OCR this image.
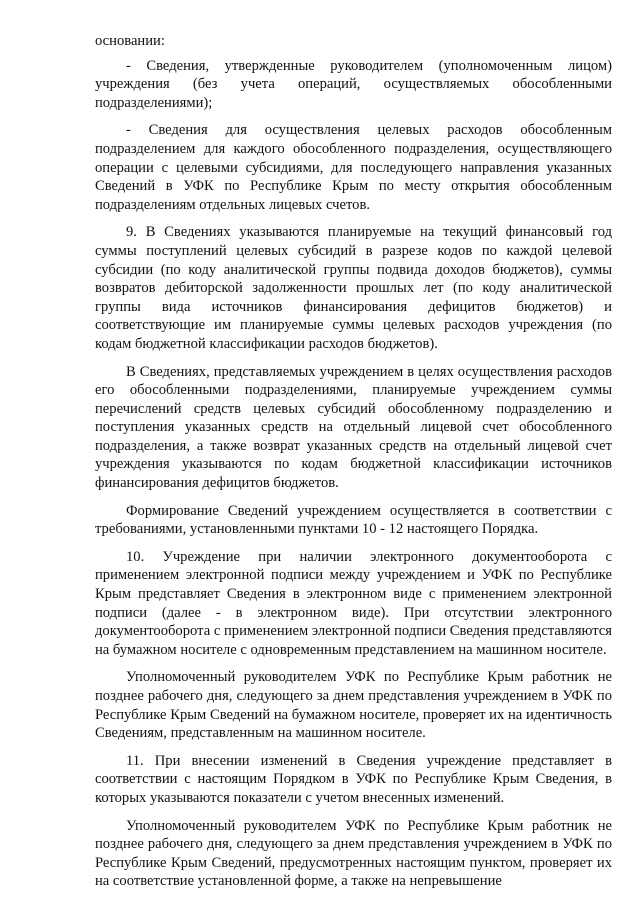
основании:

- Сведения, утвержденные руководителем (уполномоченным лицом) учреждения (без учета операций, осуществляемых обособленными подразделениями);

- Сведения для осуществления целевых расходов обособленным подразделением для каждого обособленного подразделения, осуществляющего операции с целевыми субсидиями, для последующего направления указанных Сведений в УФК по Республике Крым по месту открытия обособленным подразделениям отдельных лицевых счетов.

9. В Сведениях указываются планируемые на текущий финансовый год суммы поступлений целевых субсидий в разрезе кодов по каждой целевой субсидии (по коду аналитической группы подвида доходов бюджетов), суммы возвратов дебиторской задолженности прошлых лет (по коду аналитической группы вида источников финансирования дефицитов бюджетов) и соответствующие им планируемые суммы целевых расходов учреждения (по кодам бюджетной классификации расходов бюджетов).

В Сведениях, представляемых учреждением в целях осуществления расходов его обособленными подразделениями, планируемые учреждением суммы перечислений средств целевых субсидий обособленному подразделению и поступления указанных средств на отдельный лицевой счет обособленного подразделения, а также возврат указанных средств на отдельный лицевой счет учреждения указываются по кодам бюджетной классификации источников финансирования дефицитов бюджетов.

Формирование Сведений учреждением осуществляется в соответствии с требованиями, установленными пунктами 10 - 12 настоящего Порядка.

10. Учреждение при наличии электронного документооборота с применением электронной подписи между учреждением и УФК по Республике Крым представляет Сведения в электронном виде с применением электронной подписи (далее - в электронном виде). При отсутствии электронного документооборота с применением электронной подписи Сведения представляются на бумажном носителе с одновременным представлением на машинном носителе.

Уполномоченный руководителем УФК по Республике Крым работник не позднее рабочего дня, следующего за днем представления учреждением в УФК по Республике Крым Сведений на бумажном носителе, проверяет их на идентичность Сведениям, представленным на машинном носителе.

11. При внесении изменений в Сведения учреждение представляет в соответствии с настоящим Порядком в УФК по Республике Крым Сведения, в которых указываются показатели с учетом внесенных изменений.

Уполномоченный руководителем УФК по Республике Крым работник не позднее рабочего дня, следующего за днем представления учреждением в УФК по Республике Крым Сведений, предусмотренных настоящим пунктом, проверяет их на соответствие установленной форме, а также на непревышение
